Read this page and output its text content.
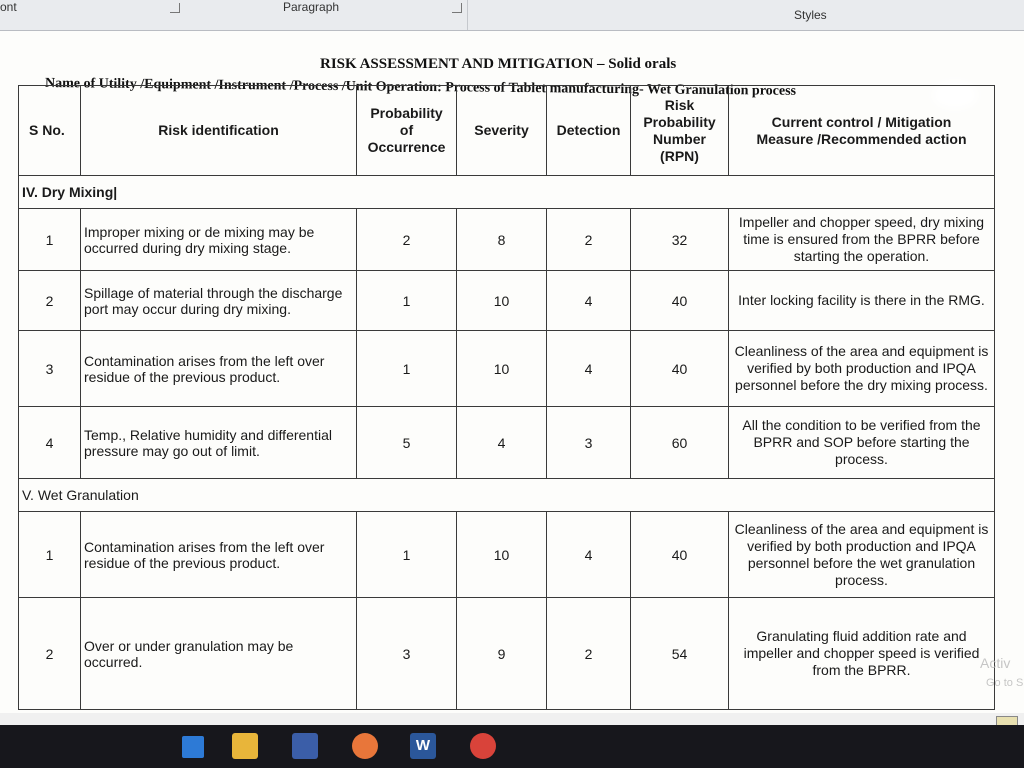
ont	Paragraph
Styles
RISK ASSESSMENT AND MITIGATION – Solid orals
Name of Utility /Equipment /Instrument /Process /Unit Operation: Process of Tablet manufacturing- Wet Granulation process
S No.	Risk identification	Probability
of
Occurrence	Severity	Detection	Risk
Probability
Number
(RPN)	Current control / Mitigation
Measure /Recommended action
IV. Dry Mixing|						
1	Improper mixing or de mixing may be occurred during dry mixing stage.	2	8	2	32	Impeller and chopper speed, dry mixing time is ensured from the BPRR before starting the operation.
2	Spillage of material through the discharge port may occur during dry mixing.	1	10	4	40	Inter locking facility is there in the RMG.
3	Contamination arises from the left over residue of the previous product.	1	10	4	40	Cleanliness of the area and equipment is verified by both production and IPQA personnel before the dry mixing process.
4	Temp., Relative humidity and differential pressure may go out of limit.	5	4	3	60	All the condition to be verified from the BPRR and SOP before starting the process.
V. Wet Granulation						
1	Contamination arises from the left over residue of the previous product.	1	10	4	40	Cleanliness of the area and equipment is verified by both production and IPQA personnel before the wet granulation process.
2	Over or under granulation may be occurred.	3	9	2	54	Granulating fluid addition rate and impeller and chopper speed is verified from the BPRR.	Activ
Go to S
W
